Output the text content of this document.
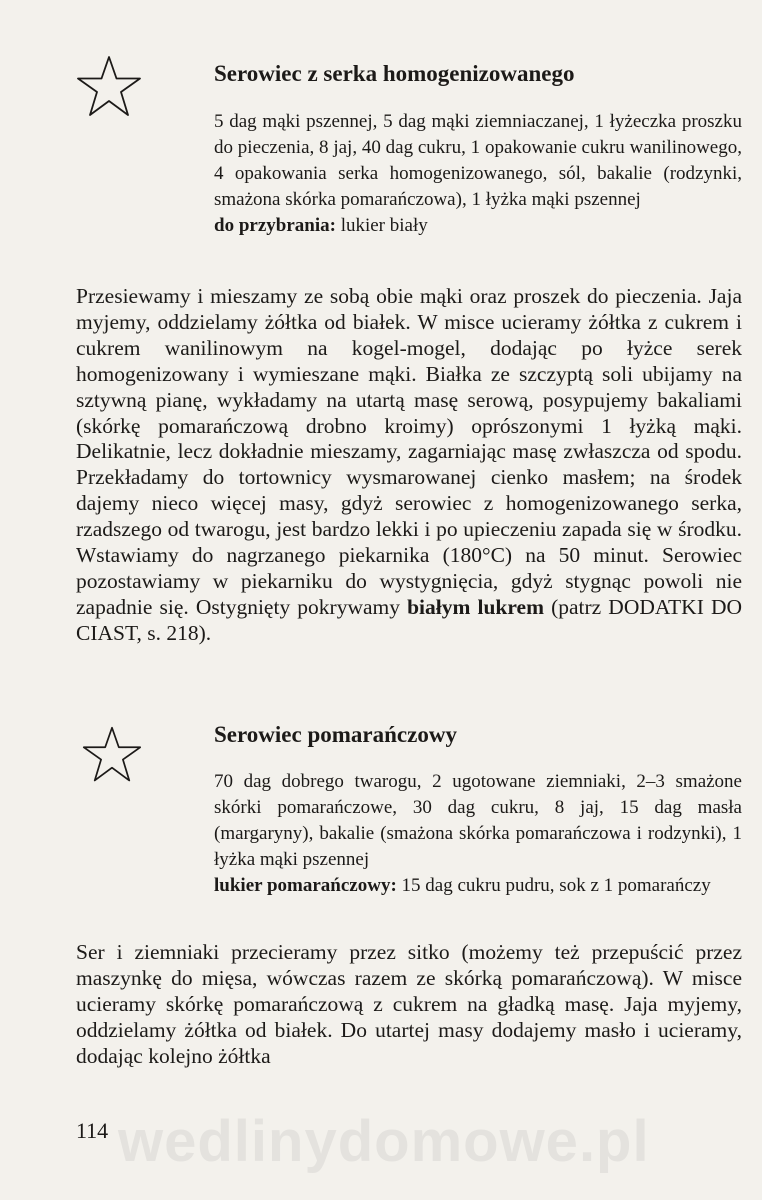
Serowiec z serka homogenizowanego

5 dag mąki pszennej, 5 dag mąki ziemniaczanej, 1 łyżeczka proszku do pieczenia, 8 jaj, 40 dag cukru, 1 opakowanie cukru wanilinowego, 4 opakowania serka homogenizowanego, sól, bakalie (rodzynki, smażona skórka pomarańczowa), 1 łyżka mąki pszennej

do przybrania: lukier biały

Przesiewamy i mieszamy ze sobą obie mąki oraz proszek do pieczenia. Jaja myjemy, oddzielamy żółtka od białek. W misce ucieramy żółtka z cukrem i cukrem wanilinowym na kogel-mogel, dodając po łyżce serek homogenizowany i wymieszane mąki. Białka ze szczyptą soli ubijamy na sztywną pianę, wykładamy na utartą masę serową, posypujemy bakaliami (skórkę pomarańczową drobno kroimy) oprószonymi 1 łyżką mąki. Delikatnie, lecz dokładnie mieszamy, zagarniając masę zwłaszcza od spodu. Przekładamy do tortownicy wysmarowanej cienko masłem; na środek dajemy nieco więcej masy, gdyż serowiec z homogenizowanego serka, rzadszego od twarogu, jest bardzo lekki i po upieczeniu zapada się w środku. Wstawiamy do nagrzanego piekarnika (180°C) na 50 minut. Serowiec pozostawiamy w piekarniku do wystygnięcia, gdyż stygnąc powoli nie zapadnie się. Ostygnięty pokrywamy białym lukrem (patrz DODATKI DO CIAST, s. 218).

Serowiec pomarańczowy

70 dag dobrego twarogu, 2 ugotowane ziemniaki, 2–3 smażone skórki pomarańczowe, 30 dag cukru, 8 jaj, 15 dag masła (margaryny), bakalie (smażona skórka pomarańczowa i rodzynki), 1 łyżka mąki pszennej

lukier pomarańczowy: 15 dag cukru pudru, sok z 1 pomarańczy

Ser i ziemniaki przecieramy przez sitko (możemy też przepuścić przez maszynkę do mięsa, wówczas razem ze skórką pomarańczową). W misce ucieramy skórkę pomarańczową z cukrem na gładką masę. Jaja myjemy, oddzielamy żółtka od białek. Do utartej masy dodajemy masło i ucieramy, dodając kolejno żółtka

114 wedlinydomowe.pl
